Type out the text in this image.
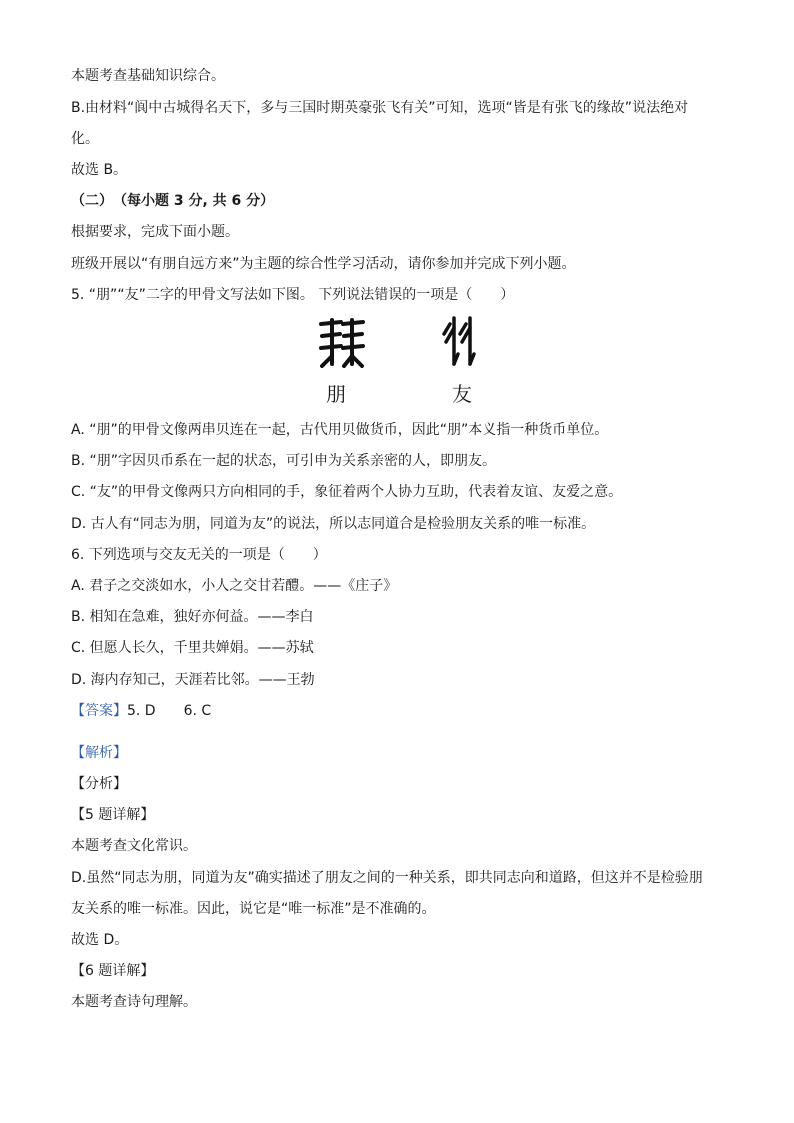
本题考查基础知识综合。
B.由材料“阆中古城得名天下，多与三国时期英豪张飞有关”可知，选项“皆是有张飞的缘故”说法绝对
化。
故选 B。
（二）　（每小题 3 分, 共 6 分）
根据要求，完成下面小题。
班级开展以“有朋自远方来”为主题的综合性学习活动，请你参加并完成下列小题。
5. “朋”“友”二字的甲骨文写法如下图。 下列说法错误的一项是（　　）
朋	友
A. “朋”的甲骨文像两串贝连在一起，古代用贝做货币，因此“朋”本义指一种货币单位。
B. “朋”字因贝币系在一起的状态，可引申为关系亲密的人，即朋友。
C. “友”的甲骨文像两只方向相同的手，象征着两个人协力互助，代表着友谊、友爱之意。
D. 古人有“同志为朋，同道为友”的说法，所以志同道合是检验朋友关系的唯一标准。
6. 下列选项与交友无关的一项是（　　）
A. 君子之交淡如水，小人之交甘若醴。——《庄子》
B. 相知在急难，独好亦何益。——李白
C. 但愿人长久，千里共婵娟。——苏轼
D. 海内存知己，天涯若比邻。——王勃
【答案】5. D　　6. C
【解析】
【分析】
【5 题详解】
本题考查文化常识。
D.虽然“同志为朋，同道为友”确实描述了朋友之间的一种关系，即共同志向和道路，但这并不是检验朋
友关系的唯一标准。因此，说它是“唯一标准”是不准确的。
故选 D。
【6 题详解】
本题考查诗句理解。
